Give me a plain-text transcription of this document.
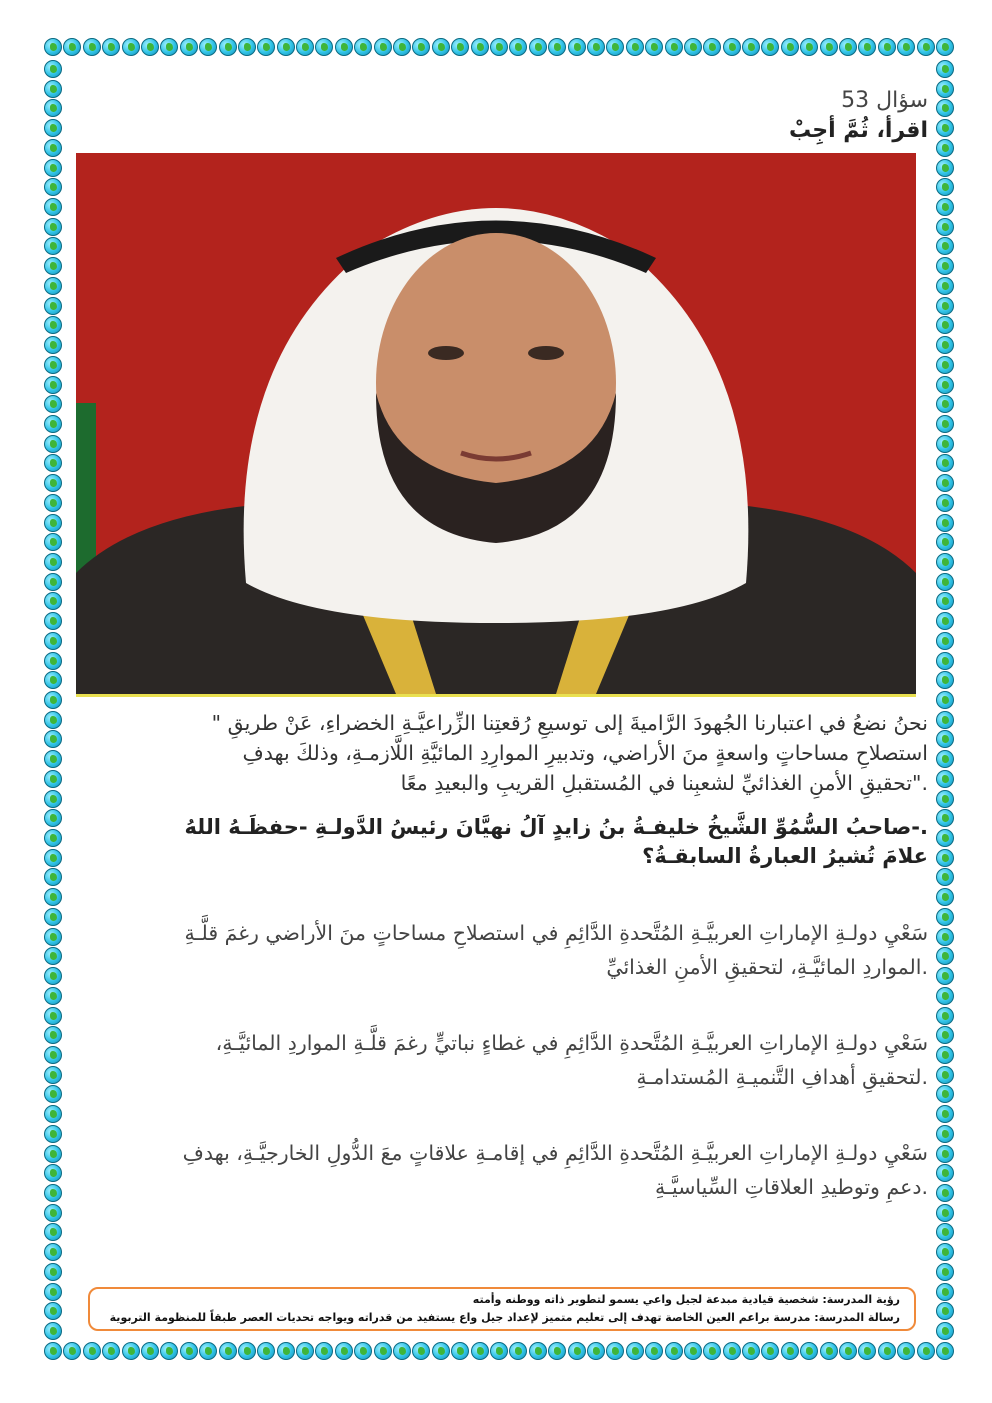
سؤال 53
اقرأ، ثُمَّ أجِبْ
نحنُ نضعُ في اعتبارنا الجُهودَ الرَّاميةَ إلى توسيعِ رُقعتِنا الزِّراعيَّـةِ الخضراءِ، عَنْ طريقِ "
استصلاحِ مساحاتٍ واسعةٍ منَ الأراضي، وتدبيرِ الموارِدِ المائيَّةِ اللَّازمـةِ، وذلكَ بهدفِ
."تحقيقِ الأمنِ الغذائيِّ لشعبِنا في المُستقبلِ القريبِ والبعيدِ معًا
.-صاحبُ السُّمُوِّ الشَّيخُ خليفـةُ بنُ زايدٍ آلُ نهيَّانَ رئيسُ الدَّولـةِ -حفظَـهُ اللهُ
علامَ تُشيرُ العبارةُ السابقـةُ؟
سَعْيِ دولـةِ الإماراتِ العربيَّـةِ المُتَّحدةِ الدَّائِمِ في استصلاحِ مساحاتٍ منَ الأراضي رغمَ قلَّـةِ
.المواردِ المائيَّـةِ، لتحقيقِ الأمنِ الغذائيِّ
سَعْيِ دولـةِ الإماراتِ العربيَّـةِ المُتَّحدةِ الدَّائِمِ في غطاءٍ نباتيٍّ رغمَ قلَّـةِ المواردِ المائيَّـةِ،
.لتحقيقِ أهدافِ التَّنميـةِ المُستدامـةِ
سَعْيِ دولـةِ الإماراتِ العربيَّـةِ المُتَّحدةِ الدَّائِمِ في إقامـةِ علاقاتٍ معَ الدُّولِ الخارجيَّـةِ، بهدفِ
.دعمِ وتوطيدِ العلاقاتِ السِّياسيَّـةِ
رؤية المدرسة: شخصية قيادية مبدعة لجيل واعي يسمو لتطوير ذاته ووطنه وأمته
رسالة المدرسة: مدرسة براعم العين الخاصة تهدف إلى تعليم متميز لإعداد جيل واع يستفيد من قدراته ويواجه تحديات العصر طبقاً للمنظومة التربوية
